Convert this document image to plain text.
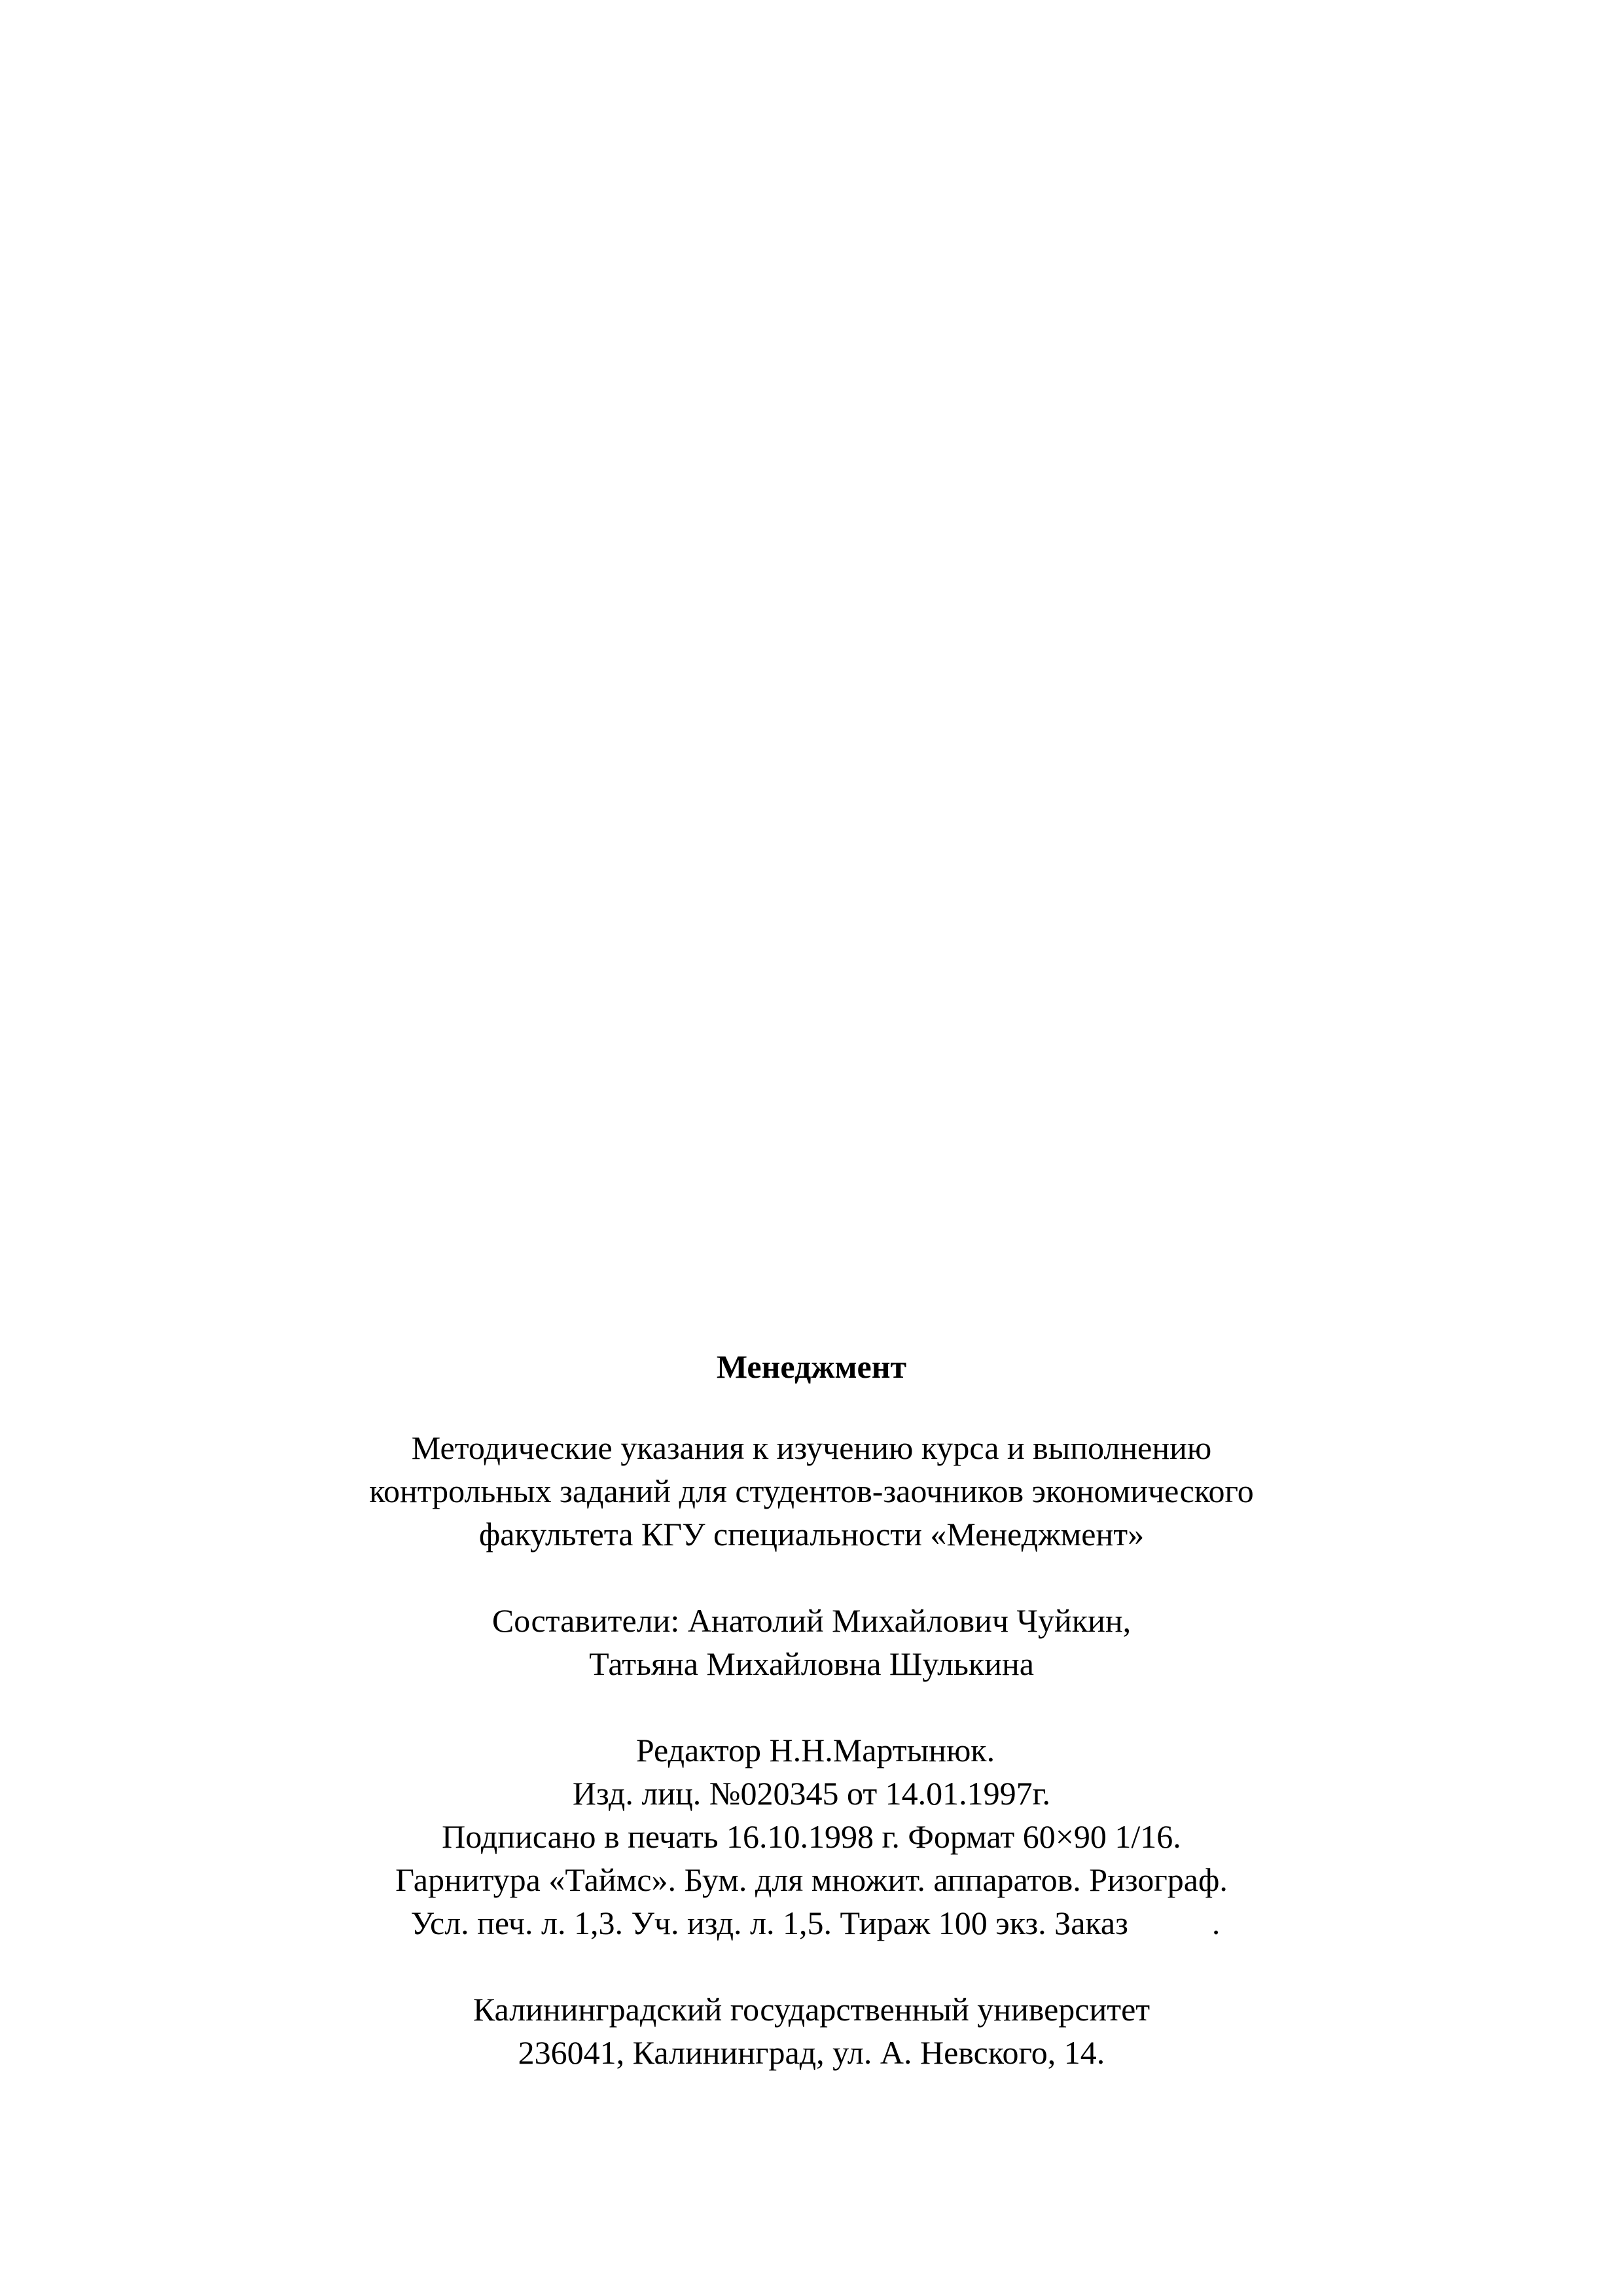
Менеджмент
Методические указания к изучению курса и выполнению
контрольных заданий для студентов-заочников экономического
факультета КГУ специальности «Менеджмент»
Составители: Анатолий Михайлович Чуйкин,
Татьяна Михайловна Шулькина
Редактор Н.Н.Мартынюк.
Изд. лиц. №020345 от 14.01.1997г.
Подписано в печать 16.10.1998 г. Формат 60×90 1/16.
Гарнитура «Таймс». Бум. для множит. аппаратов. Ризограф.
Усл. печ. л. 1,3. Уч. изд. л. 1,5. Тираж 100 экз. Заказ	.
Калининградский государственный университет
236041, Калининград, ул. А. Невского, 14.
